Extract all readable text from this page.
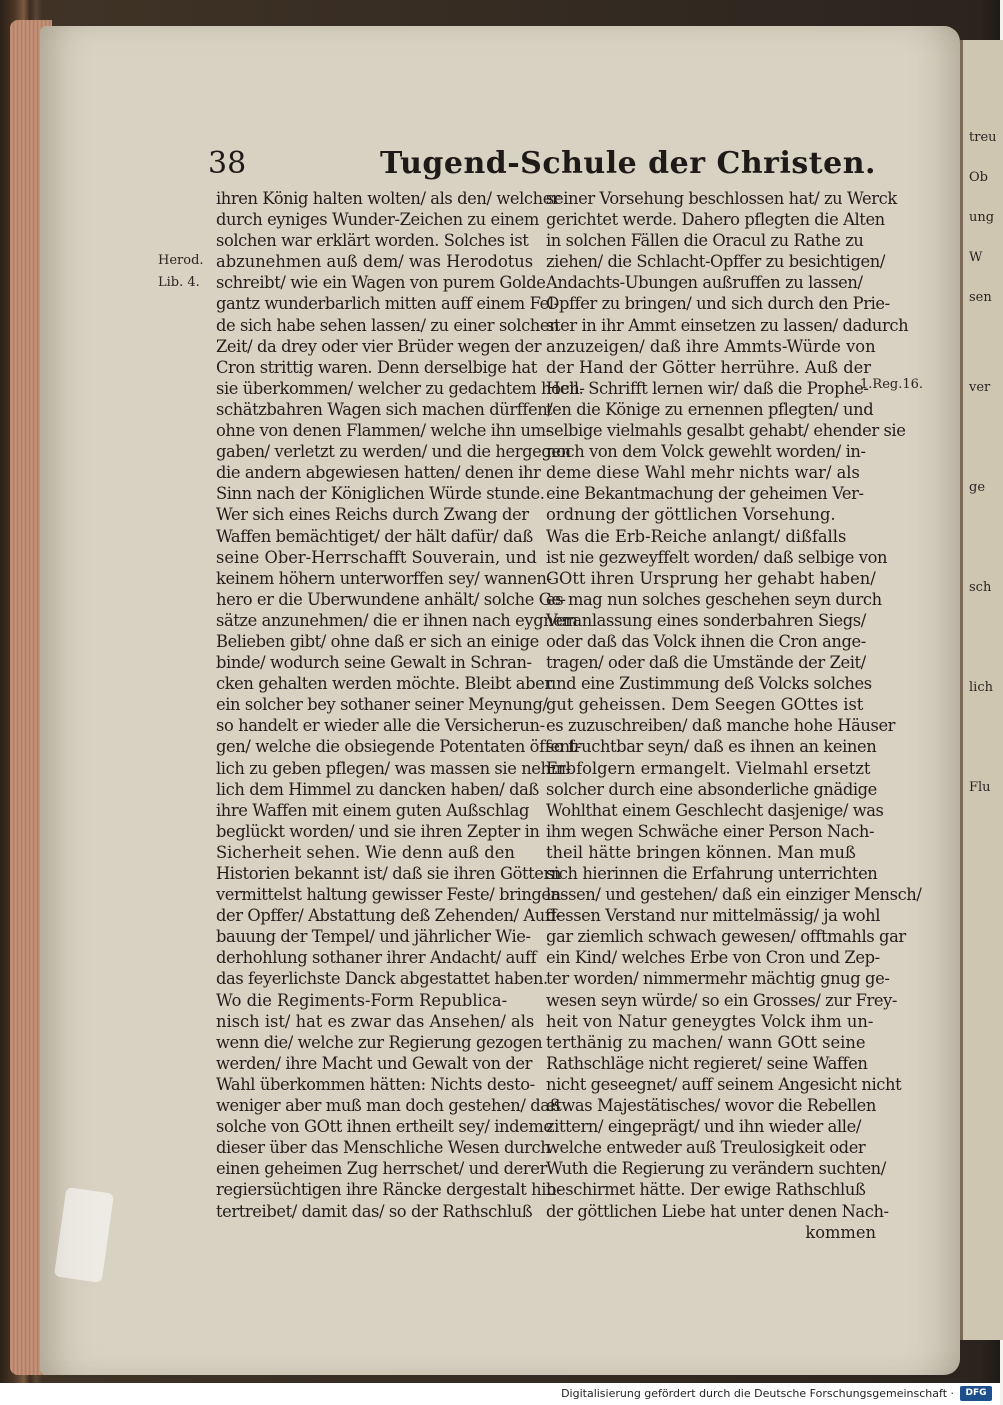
treu
Ob
ung
W
sen
ver
ge
sch
lich
Flu
38	Tugend-Schule der Christen.
Herod.
Lib. 4.
1.Reg.16.
ihren König halten wolten/ als den/ welcher
durch eyniges Wunder-Zeichen zu einem
solchen war erklärt worden. Solches ist
abzunehmen auß dem/ was Herodotus
schreibt/ wie ein Wagen von purem Golde
gantz wunderbarlich mitten auff einem Fel-
de sich habe sehen lassen/ zu einer solchen
Zeit/ da drey oder vier Brüder wegen der
Cron strittig waren. Denn derselbige hat
sie überkommen/ welcher zu gedachtem hoch-
schätzbahren Wagen sich machen dürffen/
ohne von denen Flammen/ welche ihn um-
gaben/ verletzt zu werden/ und die hergegen
die andern abgewiesen hatten/ denen ihr
Sinn nach der Königlichen Würde stunde.
Wer sich eines Reichs durch Zwang der
Waffen bemächtiget/ der hält dafür/ daß
seine Ober-Herrschafft Souverain, und
keinem höhern unterworffen sey/ wannen-
hero er die Uberwundene anhält/ solche Ge-
sätze anzunehmen/ die er ihnen nach eygnem
Belieben gibt/ ohne daß er sich an einige
binde/ wodurch seine Gewalt in Schran-
cken gehalten werden möchte. Bleibt aber
ein solcher bey sothaner seiner Meynung/
so handelt er wieder alle die Versicherun-
gen/ welche die obsiegende Potentaten öffent-
lich zu geben pflegen/ was massen sie nehm-
lich dem Himmel zu dancken haben/ daß
ihre Waffen mit einem guten Außschlag
beglückt worden/ und sie ihren Zepter in
Sicherheit sehen. Wie denn auß den
Historien bekannt ist/ daß sie ihren Göttern
vermittelst haltung gewisser Feste/ bringen-
der Opffer/ Abstattung deß Zehenden/ Auff-
bauung der Tempel/ und jährlicher Wie-
derhohlung sothaner ihrer Andacht/ auff
das feyerlichste Danck abgestattet haben.
Wo die Regiments-Form Republica-
nisch ist/ hat es zwar das Ansehen/ als
wenn die/ welche zur Regierung gezogen
werden/ ihre Macht und Gewalt von der
Wahl überkommen hätten: Nichts desto-
weniger aber muß man doch gestehen/ daß
solche von GOtt ihnen ertheilt sey/ indeme
dieser über das Menschliche Wesen durch
einen geheimen Zug herrschet/ und derer
regiersüchtigen ihre Räncke dergestalt hin-
tertreibet/ damit das/ so der Rathschluß
seiner Vorsehung beschlossen hat/ zu Werck
gerichtet werde. Dahero pflegten die Alten
in solchen Fällen die Oracul zu Rathe zu
ziehen/ die Schlacht-Opffer zu besichtigen/
Andachts-Ubungen außruffen zu lassen/
Opffer zu bringen/ und sich durch den Prie-
ster in ihr Ammt einsetzen zu lassen/ dadurch
anzuzeigen/ daß ihre Ammts-Würde von
der Hand der Götter herrühre. Auß der
Heil. Schrifft lernen wir/ daß die Prophe-
ten die Könige zu ernennen pflegten/ und
selbige vielmahls gesalbt gehabt/ ehender sie
noch von dem Volck gewehlt worden/ in-
deme diese Wahl mehr nichts war/ als
eine Bekantmachung der geheimen Ver-
ordnung der göttlichen Vorsehung.
Was die Erb-Reiche anlangt/ dißfalls
ist nie gezweyffelt worden/ daß selbige von
GOtt ihren Ursprung her gehabt haben/
es mag nun solches geschehen seyn durch
Veranlassung eines sonderbahren Siegs/
oder daß das Volck ihnen die Cron ange-
tragen/ oder daß die Umstände der Zeit/
und eine Zustimmung deß Volcks solches
gut geheissen. Dem Seegen GOttes ist
es zuzuschreiben/ daß manche hohe Häuser
so fruchtbar seyn/ daß es ihnen an keinen
Erbfolgern ermangelt. Vielmahl ersetzt
solcher durch eine absonderliche gnädige
Wohlthat einem Geschlecht dasjenige/ was
ihm wegen Schwäche einer Person Nach-
theil hätte bringen können. Man muß
sich hierinnen die Erfahrung unterrichten
lassen/ und gestehen/ daß ein einziger Mensch/
dessen Verstand nur mittelmässig/ ja wohl
gar ziemlich schwach gewesen/ offtmahls gar
ein Kind/ welches Erbe von Cron und Zep-
ter worden/ nimmermehr mächtig gnug ge-
wesen seyn würde/ so ein Grosses/ zur Frey-
heit von Natur geneygtes Volck ihm un-
terthänig zu machen/ wann GOtt seine
Rathschläge nicht regieret/ seine Waffen
nicht geseegnet/ auff seinem Angesicht nicht
etwas Majestätisches/ wovor die Rebellen
zittern/ eingeprägt/ und ihn wieder alle/
welche entweder auß Treulosigkeit oder
Wuth die Regierung zu verändern suchten/
beschirmet hätte. Der ewige Rathschluß
der göttlichen Liebe hat unter denen Nach-
kommen
Digitalisierung gefördert durch die Deutsche Forschungsgemeinschaft ·	DFG
